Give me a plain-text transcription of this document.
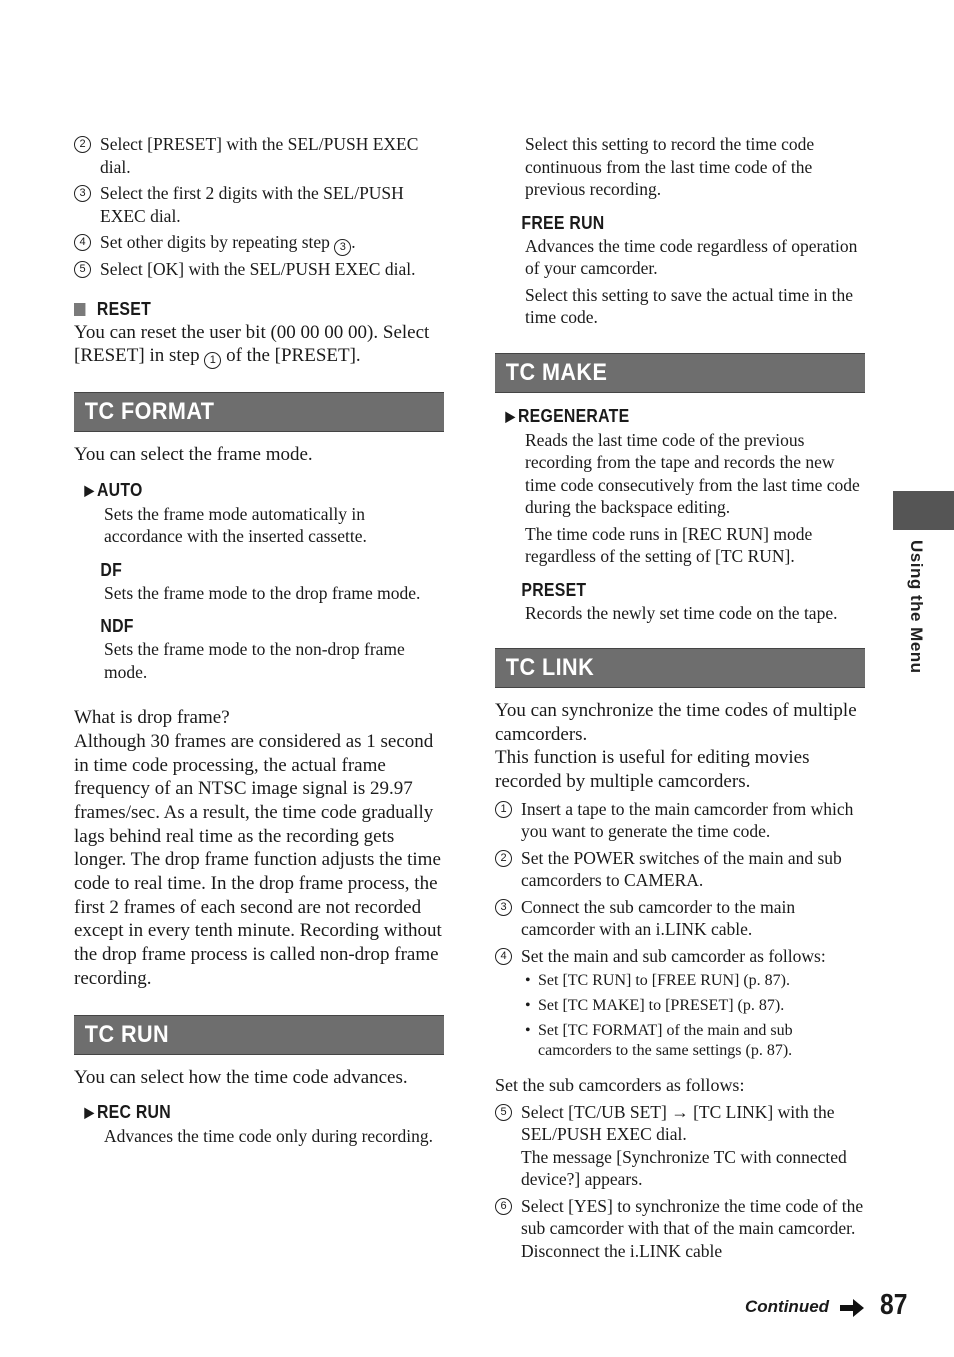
2 Select [PRESET] with the SEL/PUSH EXEC dial.
3 Select the first 2 digits with the SEL/PUSH EXEC dial.
4 Set other digits by repeating step 3 .
5 Select [OK] with the SEL/PUSH EXEC dial.
RESET

You can reset the user bit (00 00 00 00). Select [RESET] in step 1 of the [PRESET].

TC FORMAT

You can select the frame mode.

▶ AUTO

Sets the frame mode automatically in accordance with the inserted cassette.

DF

Sets the frame mode to the drop frame mode.

NDF

Sets the frame mode to the non-drop frame mode.

What is drop frame?

Although 30 frames are considered as 1 second in time code processing, the actual frame frequency of an NTSC image signal is 29.97 frames/sec. As a result, the time code gradually lags behind real time as the recording gets longer. The drop frame function adjusts the time code to real time. In the drop frame process, the first 2 frames of each second are not recorded except in every tenth minute. Recording without the drop frame process is called non-drop frame recording.

TC RUN

You can select how the time code advances.

▶ REC RUN

Advances the time code only during recording.

Select this setting to record the time code continuous from the last time code of the previous recording.

FREE RUN

Advances the time code regardless of operation of your camcorder.

Select this setting to save the actual time in the time code.

TC MAKE
▶ REGENERATE

Reads the last time code of the previous recording from the tape and records the new time code consecutively from the last time code during the backspace editing.

The time code runs in [REC RUN] mode regardless of the setting of [TC RUN].

PRESET

Records the newly set time code on the tape.

TC LINK

You can synchronize the time codes of multiple camcorders.

This function is useful for editing movies recorded by multiple camcorders.

1 Insert a tape to the main camcorder from which you want to generate the time code.
2 Set the POWER switches of the main and sub camcorders to CAMERA.
3 Connect the sub camcorder to the main camcorder with an i.LINK cable.
4 Set the main and sub camcorder as follows:
• Set [TC RUN] to [FREE RUN] (p. 87).
• Set [TC MAKE] to [PRESET] (p. 87).
• Set [TC FORMAT] of the main and sub camcorders to the same settings (p. 87).

Set the sub camcorders as follows:

5 Select [TC/UB SET] → [TC LINK] with the SEL/PUSH EXEC dial.
The message [Synchronize TC with connected device?] appears.
6 Select [YES] to synchronize the time code of the sub camcorder with that of the main camcorder. Disconnect the i.LINK cable
Using the Menu
Continued 87
